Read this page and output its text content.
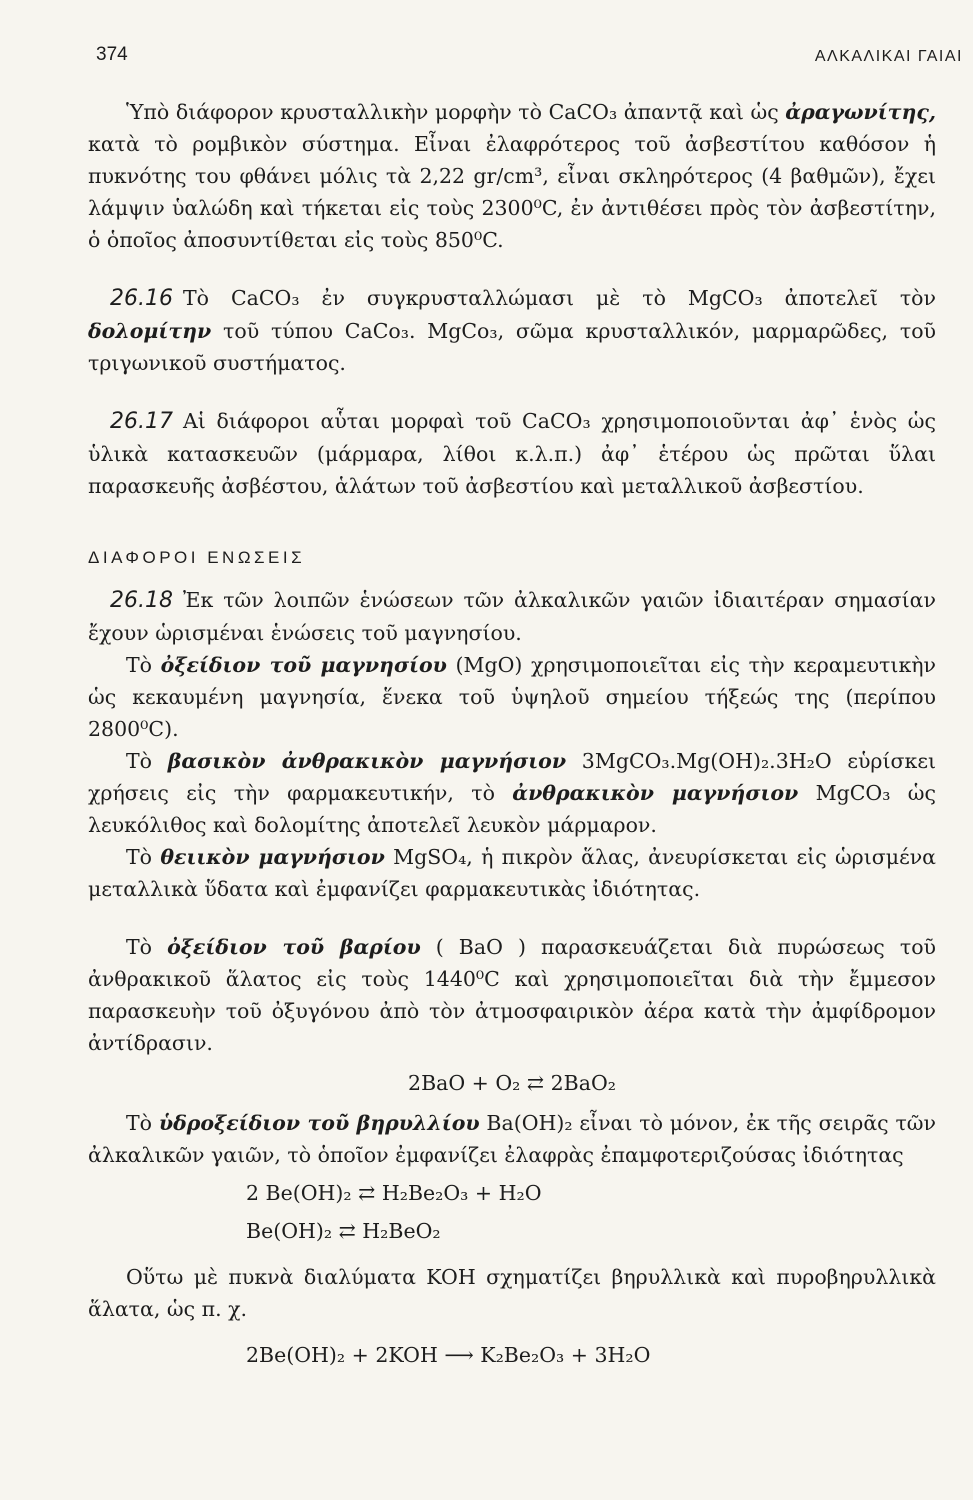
374	ΑΛΚΑΛΙΚΑΙ ΓΑΙΑΙ

Ὑπὸ διάφορον κρυσταλλικὴν μορφὴν τὸ CaCO₃ ἀπαντᾷ καὶ ὡς ἀραγωνίτης, κατὰ τὸ ρομβικὸν σύστημα. Εἶναι ἐλαφρότερος τοῦ ἀσβεστίτου καθόσον ἡ πυκνότης του φθάνει μόλις τὰ 2,22 gr/cm³, εἶναι σκληρότερος (4 βαθμῶν), ἔχει λάμψιν ὑαλώδη καὶ τήκεται εἰς τοὺς 2300⁰C, ἐν ἀντιθέσει πρὸς τὸν ἀσβεστίτην, ὁ ὁποῖος ἀποσυντίθεται εἰς τοὺς 850⁰C.

26.16 Τὸ CaCO₃ ἐν συγκρυσταλλώμασι μὲ τὸ MgCO₃ ἀποτελεῖ τὸν δολομίτην τοῦ τύπου CaCo₃. MgCo₃, σῶμα κρυσταλλικόν, μαρμαρῶδες, τοῦ τριγωνικοῦ συστήματος.

26.17 Αἱ διάφοροι αὗται μορφαὶ τοῦ CaCO₃ χρησιμοποιοῦνται ἀφ᾽ ἑνὸς ὡς ὑλικὰ κατασκευῶν (μάρμαρα, λίθοι κ.λ.π.) ἀφ᾽ ἑτέρου ὡς πρῶται ὕλαι παρασκευῆς ἀσβέστου, ἁλάτων τοῦ ἀσβεστίου καὶ μεταλλικοῦ ἀσβεστίου.

ΔΙΑΦΟΡΟΙ ΕΝΩΣΕΙΣ

26.18 Ἐκ τῶν λοιπῶν ἑνώσεων τῶν ἀλκαλικῶν γαιῶν ἰδιαιτέραν σημασίαν ἔχουν ὡρισμέναι ἑνώσεις τοῦ μαγνησίου.

Τὸ ὀξείδιον τοῦ μαγνησίου (MgO) χρησιμοποιεῖται εἰς τὴν κεραμευτικὴν ὡς κεκαυμένη μαγνησία, ἕνεκα τοῦ ὑψηλοῦ σημείου τήξεώς της (περίπου 2800⁰C).

Τὸ βασικὸν ἀνθρακικὸν μαγνήσιον 3MgCO₃.Mg(OH)₂.3H₂O εὑρίσκει χρήσεις εἰς τὴν φαρμακευτικήν, τὸ ἀνθρακικὸν μαγνήσιον MgCO₃ ὡς λευκόλιθος καὶ δολομίτης ἀποτελεῖ λευκὸν μάρμαρον.

Τὸ θειικὸν μαγνήσιον MgSO₄, ἡ πικρὸν ἅλας, ἀνευρίσκεται εἰς ὡρισμένα μεταλλικὰ ὕδατα καὶ ἐμφανίζει φαρμακευτικὰς ἰδιότητας.

Τὸ ὀξείδιον τοῦ βαρίου ( BaO ) παρασκευάζεται διὰ πυρώσεως τοῦ ἀνθρακικοῦ ἅλατος εἰς τοὺς 1440⁰C καὶ χρησιμοποιεῖται διὰ τὴν ἔμμεσον παρασκευὴν τοῦ ὀξυγόνου ἀπὸ τὸν ἀτμοσφαιρικὸν ἀέρα κατὰ τὴν ἀμφίδρομον ἀντίδρασιν.

2BaO + O₂ ⇄ 2BaO₂

Τὸ ὑδροξείδιον τοῦ βηρυλλίου Ba(OH)₂ εἶναι τὸ μόνον, ἐκ τῆς σειρᾶς τῶν ἀλκαλικῶν γαιῶν, τὸ ὁποῖον ἐμφανίζει ἐλαφρὰς ἐπαμφοτεριζούσας ἰδιότητας

2 Be(OH)₂ ⇄ H₂Be₂O₃ + H₂O
Be(OH)₂ ⇄ H₂BeO₂

Οὕτω μὲ πυκνὰ διαλύματα KOH σχηματίζει βηρυλλικὰ καὶ πυροβηρυλλικὰ ἅλατα, ὡς π. χ.

2Be(OH)₂ + 2KOH ⟶ K₂Be₂O₃ + 3H₂O
